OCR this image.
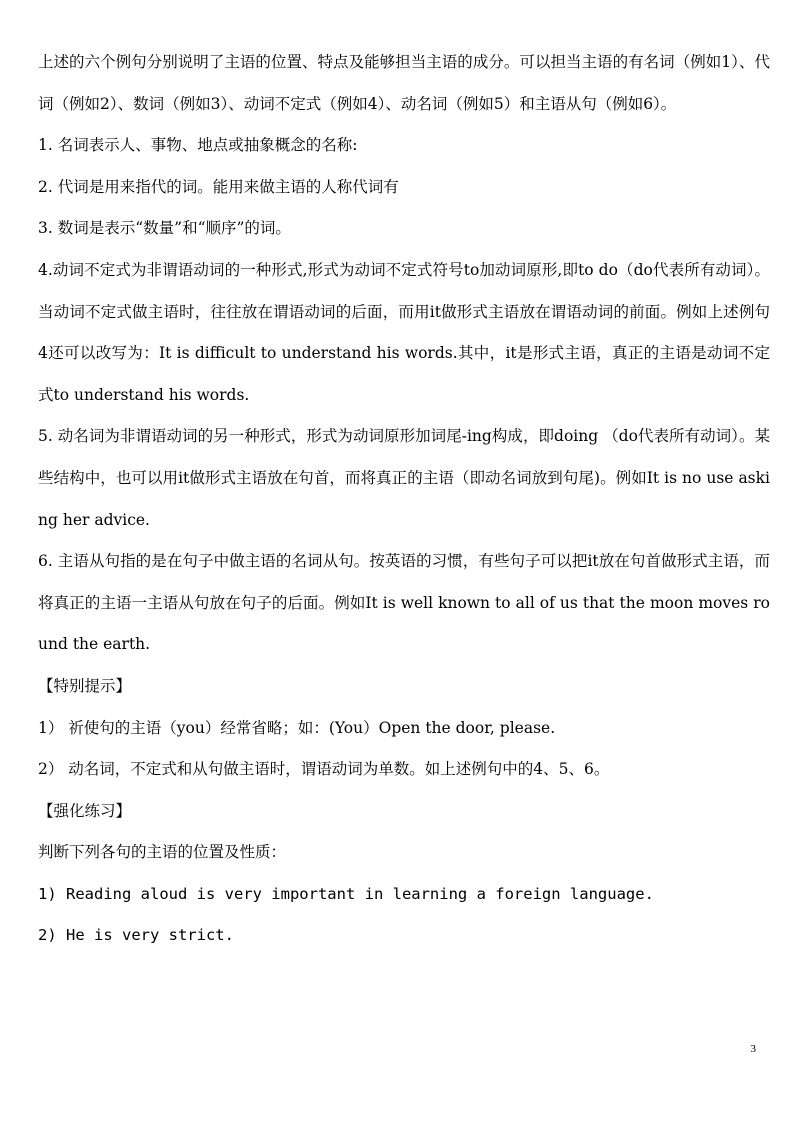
上述的六个例句分别说明了主语的位置、特点及能够担当主语的成分。可以担当主语的有名词（例如1）、代词（例如2）、数词（例如3）、动词不定式（例如4）、动名词（例如5）和主语从句（例如6）。

1. 名词表示人、事物、地点或抽象概念的名称:

2. 代词是用来指代的词。能用来做主语的人称代词有

3. 数词是表示“数量”和“顺序”的词。

4.动词不定式为非谓语动词的一种形式,形式为动词不定式符号to加动词原形,即to do（do代表所有动词）。当动词不定式做主语时，往往放在谓语动词的后面，而用it做形式主语放在谓语动词的前面。例如上述例句4还可以改写为：It is difficult to understand his words.其中，it是形式主语，真正的主语是动词不定式to understand his words.

5. 动名词为非谓语动词的另一种形式，形式为动词原形加词尾-ing构成，即doing （do代表所有动词）。某些结构中，也可以用it做形式主语放在句首，而将真正的主语（即动名词放到句尾)。例如It is no use asking her advice.

6. 主语从句指的是在句子中做主语的名词从句。按英语的习惯，有些句子可以把it放在句首做形式主语，而将真正的主语一主语从句放在句子的后面。例如It is well known to all of us that the moon moves round the earth.

【特别提示】

1） 祈使句的主语（you）经常省略；如：(You）Open the door, please.

2） 动名词，不定式和从句做主语时，谓语动词为单数。如上述例句中的4、5、6。

【强化练习】

判断下列各句的主语的位置及性质：

1) Reading aloud is very important in learning a foreign language.

2) He is very strict.

3
